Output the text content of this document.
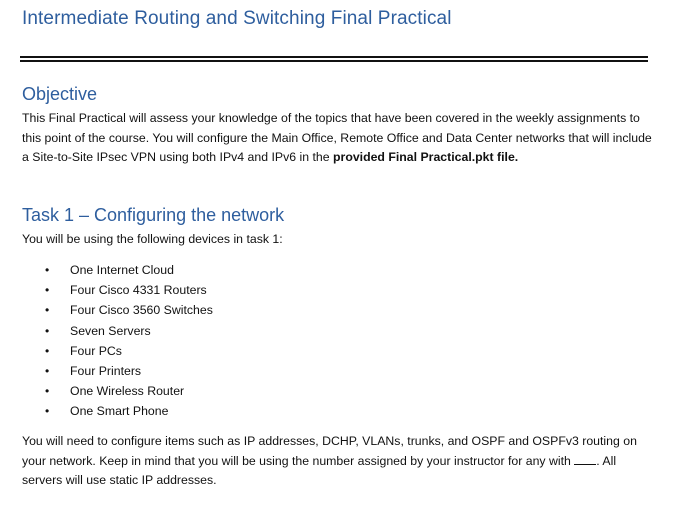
Intermediate Routing and Switching Final Practical
Objective
This Final Practical will assess your knowledge of the topics that have been covered in the weekly assignments to this point of the course. You will configure the Main Office, Remote Office and Data Center networks that will include a Site-to-Site IPsec VPN using both IPv4 and IPv6 in the provided Final Practical.pkt file.
Task 1 – Configuring the network
You will be using the following devices in task 1:
• One Internet Cloud
• Four Cisco 4331 Routers
• Four Cisco 3560 Switches
• Seven Servers
• Four PCs
• Four Printers
• One Wireless Router
• One Smart Phone
You will need to configure items such as IP addresses, DCHP, VLANs, trunks, and OSPF and OSPFv3 routing on your network. Keep in mind that you will be using the number assigned by your instructor for any with . All servers will use static IP addresses.
